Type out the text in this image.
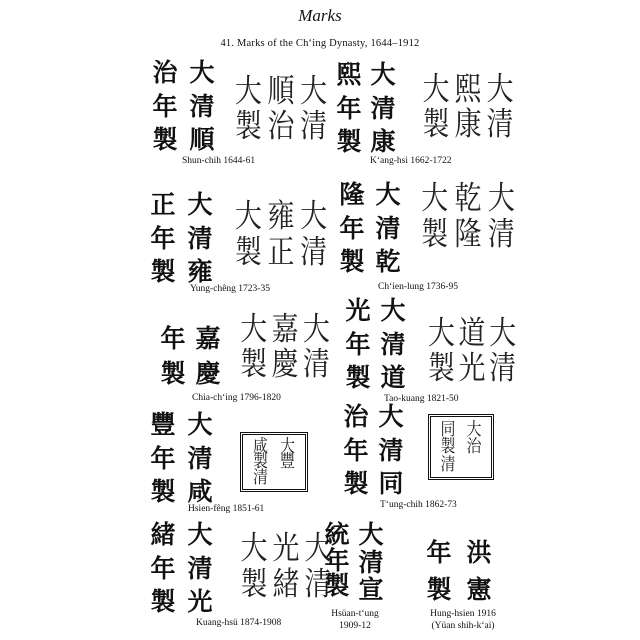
Marks
41. Marks of the Ch‘ing Dynasty, 1644–1912
治
年
製
大
清
順
大 順 大
製 治 清
Shun-chih 1644-61
熙
年
製
大
清
康
大 熙 大
製 康 清
K‘ang-hsi 1662-1722
正
年
製
大
清
雍
大 雍 大
製 正 清
Yung-chêng 1723-35
隆
年
製
大
清
乾
大 乾 大
製 隆 清
Ch‘ien-lung 1736-95
年
製
嘉
慶
大 嘉 大
製 慶 清
Chia-ch‘ing 1796-1820
光
年
製
大
清
道
大 道 大
製 光 清
Tao-kuang 1821-50
豐
年
製
大
清
咸
咸 大
製 豐
清
Hsien-fêng 1851-61
治
年
製
大
清
同
同 大
製 治
清
T‘ung-chih 1862-73
緒
年
製
大
清
光
大 光 大
製 緒 清
Kuang-hsü 1874-1908
統
年
製
大
清
宣
Hsüan-t‘ung
1909-12
年
製
洪
憲
Hung-hsien 1916
(Yüan shih-k‘ai)
